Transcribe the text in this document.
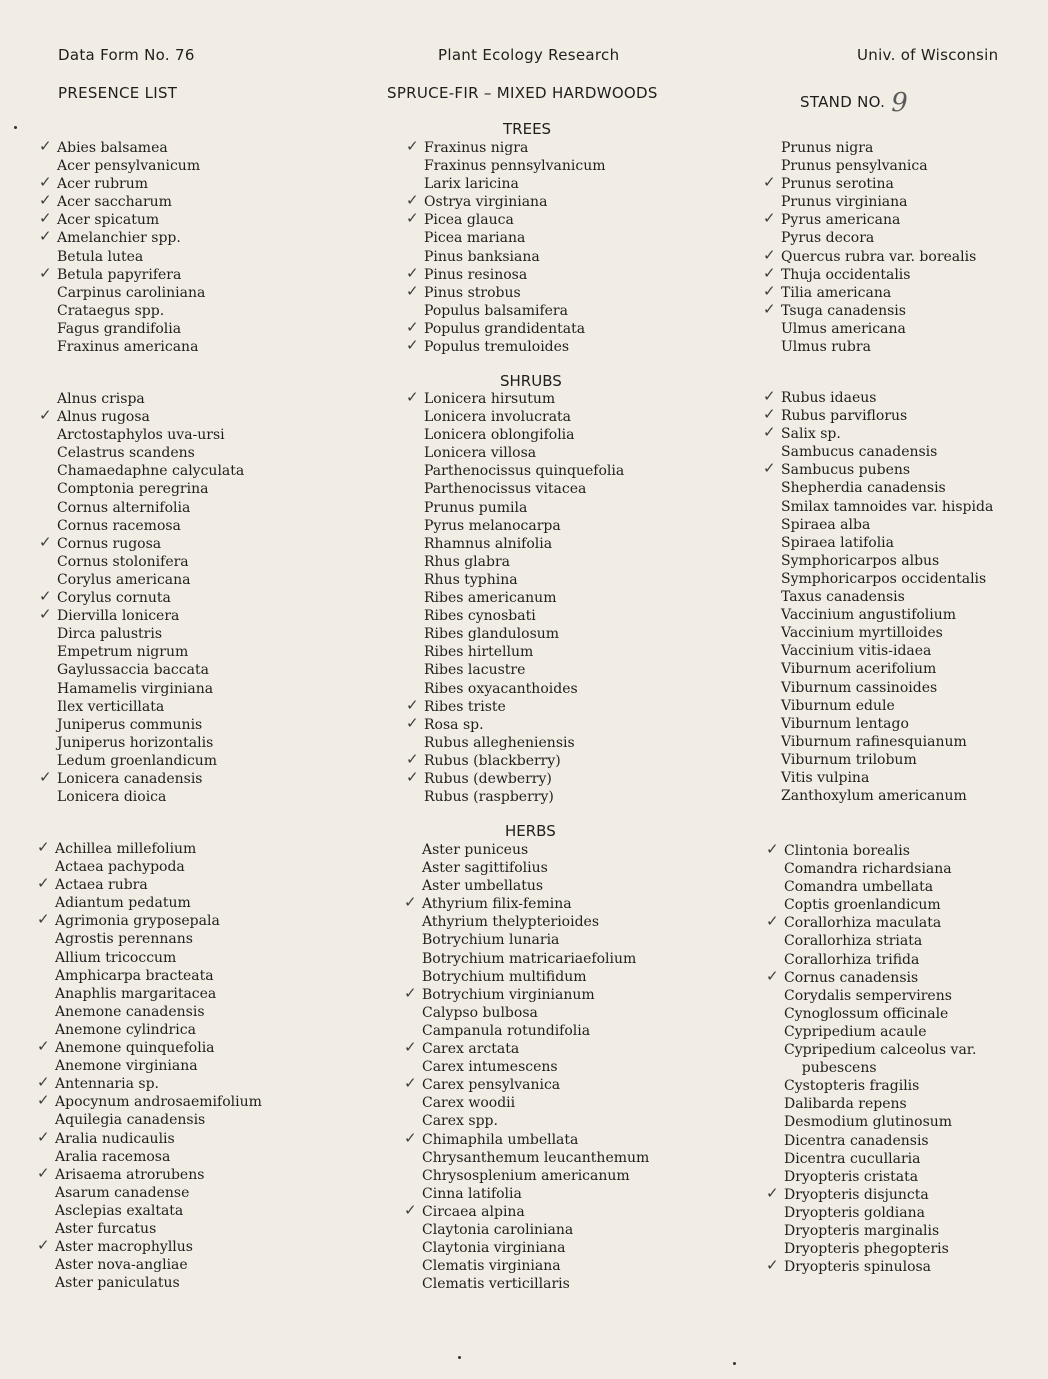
Data Form No. 76	Plant Ecology Research	Univ. of Wisconsin
PRESENCE LIST	SPRUCE-FIR – MIXED HARDWOODS	STAND NO. 9
TREES
SHRUBS
HERBS
✓ Abies balsamea
Acer pensylvanicum
✓ Acer rubrum
✓ Acer saccharum
✓ Acer spicatum
✓ Amelanchier spp.
Betula lutea
✓ Betula papyrifera
Carpinus caroliniana
Crataegus spp.
Fagus grandifolia
Fraxinus americana
✓ Fraxinus nigra
Fraxinus pennsylvanicum
Larix laricina
✓ Ostrya virginiana
✓ Picea glauca
Picea mariana
Pinus banksiana
✓ Pinus resinosa
✓ Pinus strobus
Populus balsamifera
✓ Populus grandidentata
✓ Populus tremuloides
Prunus nigra
Prunus pensylvanica
✓ Prunus serotina
Prunus virginiana
✓ Pyrus americana
Pyrus decora
✓ Quercus rubra var. borealis
✓ Thuja occidentalis
✓ Tilia americana
✓ Tsuga canadensis
Ulmus americana
Ulmus rubra
Alnus crispa
✓ Alnus rugosa
Arctostaphylos uva-ursi
Celastrus scandens
Chamaedaphne calyculata
Comptonia peregrina
Cornus alternifolia
Cornus racemosa
✓ Cornus rugosa
Cornus stolonifera
Corylus americana
✓ Corylus cornuta
✓ Diervilla lonicera
Dirca palustris
Empetrum nigrum
Gaylussaccia baccata
Hamamelis virginiana
Ilex verticillata
Juniperus communis
Juniperus horizontalis
Ledum groenlandicum
✓ Lonicera canadensis
Lonicera dioica
✓ Lonicera hirsutum
Lonicera involucrata
Lonicera oblongifolia
Lonicera villosa
Parthenocissus quinquefolia
Parthenocissus vitacea
Prunus pumila
Pyrus melanocarpa
Rhamnus alnifolia
Rhus glabra
Rhus typhina
Ribes americanum
Ribes cynosbati
Ribes glandulosum
Ribes hirtellum
Ribes lacustre
Ribes oxyacanthoides
✓ Ribes triste
✓ Rosa sp.
Rubus allegheniensis
✓ Rubus (blackberry)
✓ Rubus (dewberry)
Rubus (raspberry)
✓ Rubus idaeus
✓ Rubus parviflorus
✓ Salix sp.
Sambucus canadensis
✓ Sambucus pubens
Shepherdia canadensis
Smilax tamnoides var. hispida
Spiraea alba
Spiraea latifolia
Symphoricarpos albus
Symphoricarpos occidentalis
Taxus canadensis
Vaccinium angustifolium
Vaccinium myrtilloides
Vaccinium vitis-idaea
Viburnum acerifolium
Viburnum cassinoides
Viburnum edule
Viburnum lentago
Viburnum rafinesquianum
Viburnum trilobum
Vitis vulpina
Zanthoxylum americanum
✓ Achillea millefolium
Actaea pachypoda
✓ Actaea rubra
Adiantum pedatum
✓ Agrimonia gryposepala
Agrostis perennans
Allium tricoccum
Amphicarpa bracteata
Anaphlis margaritacea
Anemone canadensis
Anemone cylindrica
✓ Anemone quinquefolia
Anemone virginiana
✓ Antennaria sp.
✓ Apocynum androsaemifolium
Aquilegia canadensis
✓ Aralia nudicaulis
Aralia racemosa
✓ Arisaema atrorubens
Asarum canadense
Asclepias exaltata
Aster furcatus
✓ Aster macrophyllus
Aster nova-angliae
Aster paniculatus
Aster puniceus
Aster sagittifolius
Aster umbellatus
✓ Athyrium filix-femina
Athyrium thelypterioides
Botrychium lunaria
Botrychium matricariaefolium
Botrychium multifidum
✓ Botrychium virginianum
Calypso bulbosa
Campanula rotundifolia
✓ Carex arctata
Carex intumescens
✓ Carex pensylvanica
Carex woodii
Carex spp.
✓ Chimaphila umbellata
Chrysanthemum leucanthemum
Chrysosplenium americanum
Cinna latifolia
✓ Circaea alpina
Claytonia caroliniana
Claytonia virginiana
Clematis virginiana
Clematis verticillaris
✓ Clintonia borealis
Comandra richardsiana
Comandra umbellata
Coptis groenlandicum
✓ Corallorhiza maculata
Corallorhiza striata
Corallorhiza trifida
✓ Cornus canadensis
Corydalis sempervirens
Cynoglossum officinale
Cypripedium acaule
Cypripedium calceolus var.
pubescens
Cystopteris fragilis
Dalibarda repens
Desmodium glutinosum
Dicentra canadensis
Dicentra cucullaria
Dryopteris cristata
✓ Dryopteris disjuncta
Dryopteris goldiana
Dryopteris marginalis
Dryopteris phegopteris
✓ Dryopteris spinulosa
